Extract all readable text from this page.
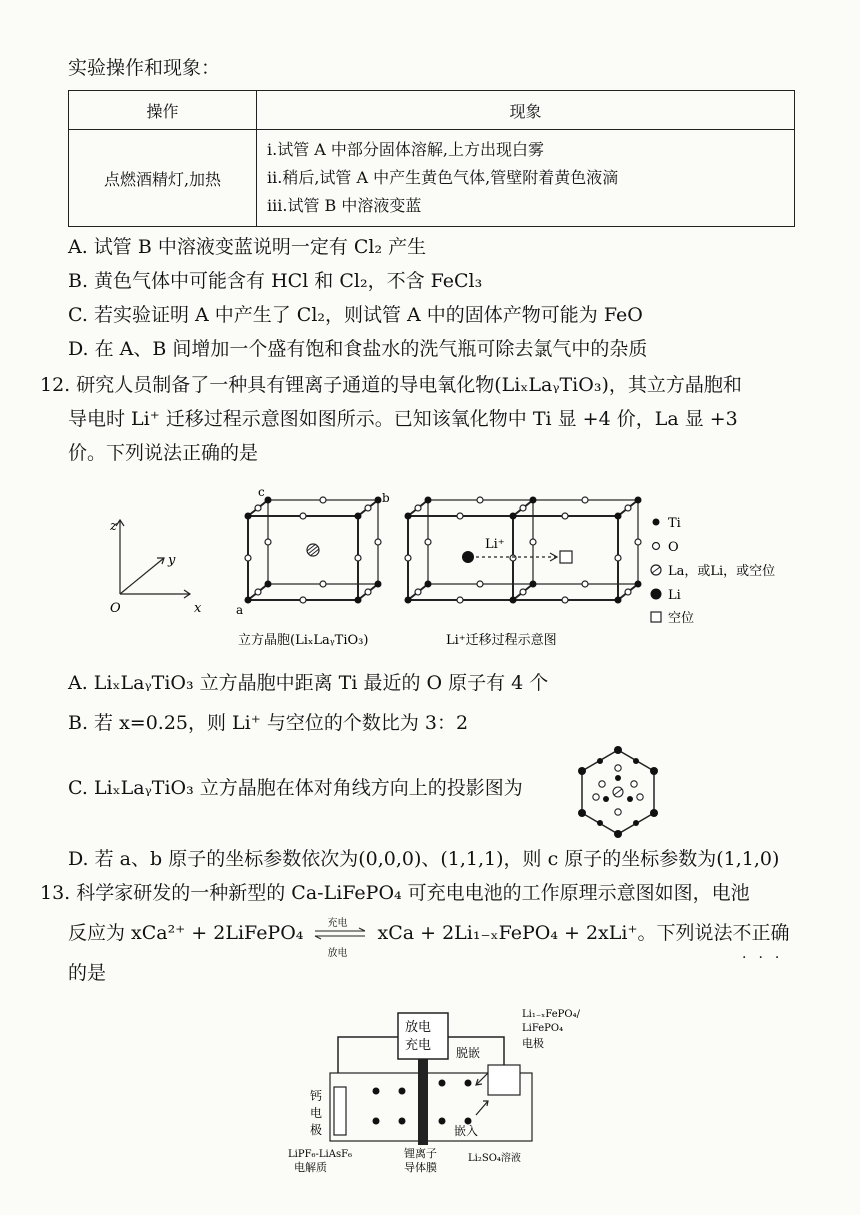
实验操作和现象：
操作	现象
点燃酒精灯,加热	ⅰ.试管 A 中部分固体溶解,上方出现白雾
ⅱ.稍后,试管 A 中产生黄色气体,管壁附着黄色液滴
ⅲ.试管 B 中溶液变蓝
A. 试管 B 中溶液变蓝说明一定有 Cl₂ 产生
B. 黄色气体中可能含有 HCl 和 Cl₂，不含 FeCl₃
C. 若实验证明 A 中产生了 Cl₂，则试管 A 中的固体产物可能为 FeO
D. 在 A、B 间增加一个盛有饱和食盐水的洗气瓶可除去氯气中的杂质
12. 研究人员制备了一种具有锂离子通道的导电氧化物(LiₓLaᵧTiO₃)，其立方晶胞和
导电时 Li⁺ 迁移过程示意图如图所示。已知该氧化物中 Ti 显 +4 价，La 显 +3
价。下列说法正确的是
z
y
x
O	a
c	b
立方晶胞(LiₓLaᵧTiO₃)
Li⁺
Li⁺迁移过程示意图
Ti
O
La，或Li，或空位
Li
空位
A. LiₓLaᵧTiO₃ 立方晶胞中距离 Ti 最近的 O 原子有 4 个
B. 若 x=0.25，则 Li⁺ 与空位的个数比为 3：2
C. LiₓLaᵧTiO₃ 立方晶胞在体对角线方向上的投影图为
D. 若 a、b 原子的坐标参数依次为(0,0,0)、(1,1,1)，则 c 原子的坐标参数为(1,1,0)
13. 科学家研发的一种新型的 Ca-LiFePO₄ 可充电电池的工作原理示意图如图，电池
反应为 xCa²⁺ + 2LiFePO₄ 充电
放电
xCa + 2Li₁₋ₓFePO₄ + 2xLi⁺。下列说法不正确
···
的是
放电
充电
钙
电
极
脱嵌
嵌入
Li₁₋ₓFePO₄/
LiFePO₄
电极
LiPF₆-LiAsF₆
电解质
锂离子
导体膜
Li₂SO₄溶液
